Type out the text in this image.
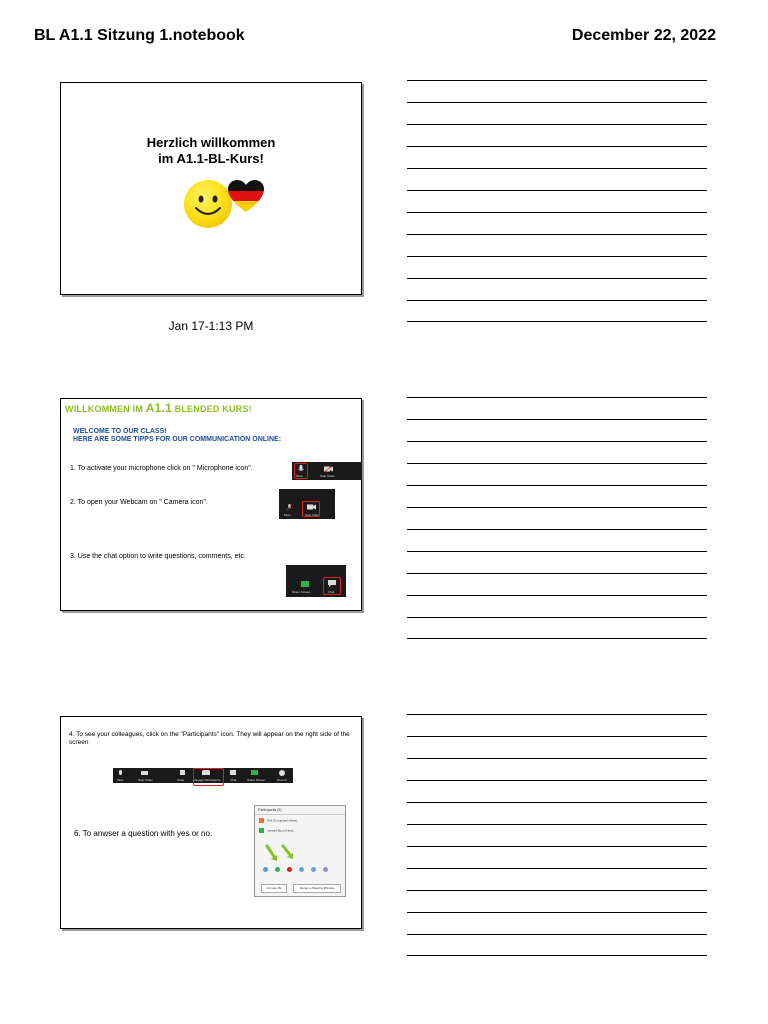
BL A1.1 Sitzung 1.notebook	December 22, 2022
Herzlich willkommen
im A1.1-BL-Kurs!
Jan 17-1:13 PM
WILLKOMMEN IM A1.1 BLENDED KURS!
WELCOME TO OUR CLASS!
HERE ARE SOME TIPPS FOR OUR COMMUNICATION ONLINE:
1. To activate your microphone click on " Microphone icon".
2. To open your Webcam on " Camera icon".
3. Use the chat option to write questions, comments, etc.
Mute	Start Video
Mute	Stop Video
Share Screen	Chat
4. To see your colleagues, click on the "Participants" icon. They will appear on the right side of the screen
Mute	Start Video	Invite	Manage Participants	Chat	Share Screen	Record
6. To anwser a question with yes or no.
Participants (2)
TeN (Computer) (Host)
Instead Buch (Host)
Unmute Me	Merge to Meeting Window
